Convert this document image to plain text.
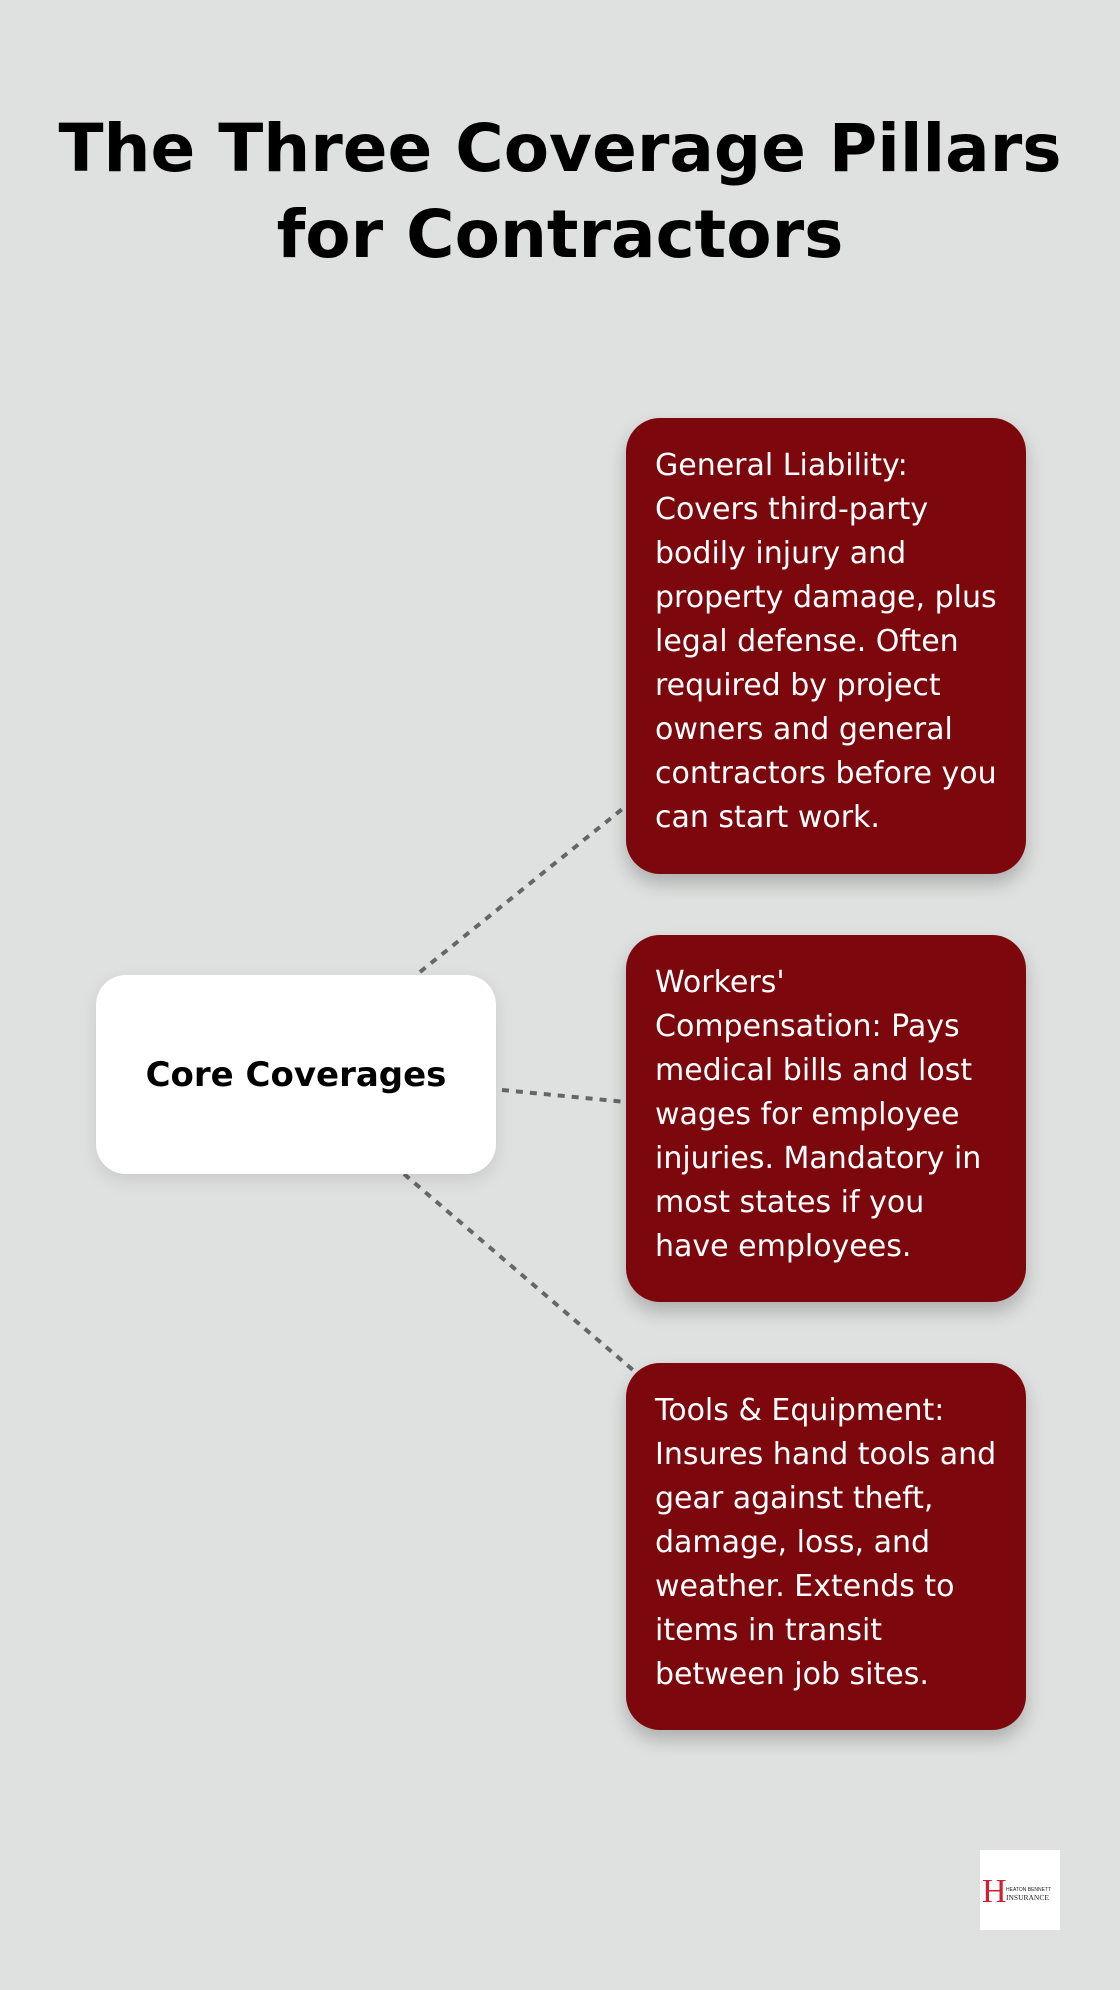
The Three Coverage Pillars for Contractors
Core Coverages
General Liability: Covers third-party bodily injury and property damage, plus legal defense. Often required by project owners and general contractors before you can start work.
Workers' Compensation: Pays medical bills and lost wages for employee injuries. Mandatory in most states if you have employees.
Tools & Equipment: Insures hand tools and gear against theft, damage, loss, and weather. Extends to items in transit between job sites.
H HEATON BENNETT
INSURANCE
